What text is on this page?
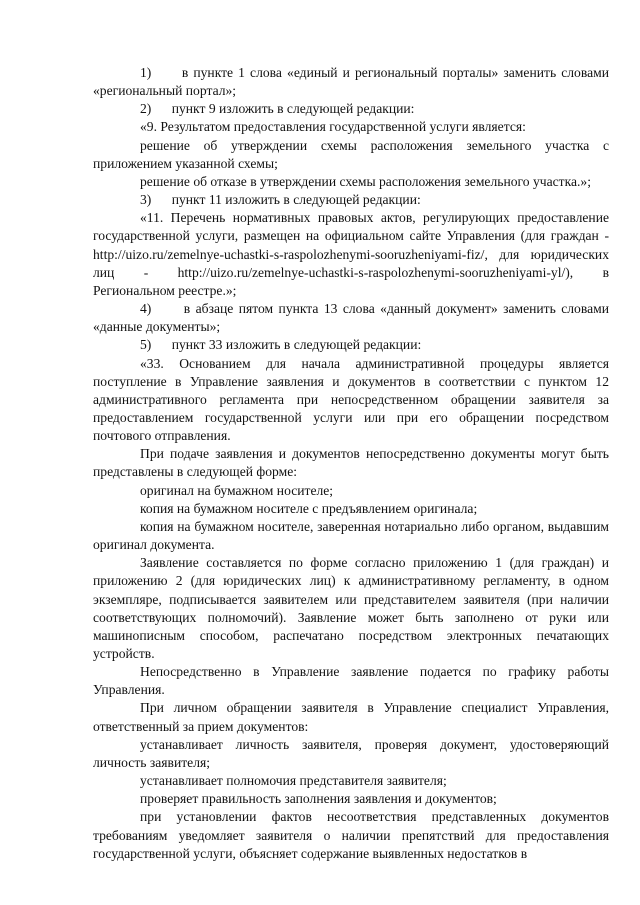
1)      в пункте 1 слова «единый и региональный порталы» заменить словами «региональный портал»;

2)      пункт 9 изложить в следующей редакции:

«9. Результатом предоставления государственной услуги является:

решение об утверждении схемы расположения земельного участка с приложением указанной схемы;

решение об отказе в утверждении схемы расположения земельного участка.»;

3)      пункт 11 изложить в следующей редакции:

«11. Перечень нормативных правовых актов, регулирующих предоставление государственной услуги, размещен на официальном сайте Управления (для граждан - http://uizo.ru/zemelnye-uchastki-s-raspolozhenymi-sooruzheniyami-fiz/, для юридических лиц - http://uizo.ru/zemelnye-uchastki-s-raspolozhenymi-sooruzheniyami-yl/), в Региональном реестре.»;

4)      в абзаце пятом пункта 13 слова «данный документ» заменить словами «данные документы»;

5)      пункт 33 изложить в следующей редакции:

«33. Основанием для начала административной процедуры является поступление в Управление заявления и документов в соответствии с пунктом 12 административного регламента при непосредственном обращении заявителя за предоставлением государственной услуги или при его обращении посредством почтового отправления.

При подаче заявления и документов непосредственно документы могут быть представлены в следующей форме:

оригинал на бумажном носителе;

копия на бумажном носителе с предъявлением оригинала;

копия на бумажном носителе, заверенная нотариально либо органом, выдавшим оригинал документа.

Заявление составляется по форме согласно приложению 1 (для граждан) и приложению 2 (для юридических лиц) к административному регламенту, в одном экземпляре, подписывается заявителем или представителем заявителя (при наличии соответствующих полномочий). Заявление может быть заполнено от руки или машинописным способом, распечатано посредством электронных печатающих устройств.

Непосредственно в Управление заявление подается по графику работы Управления.

При личном обращении заявителя в Управление специалист Управления, ответственный за прием документов:

устанавливает личность заявителя, проверяя документ, удостоверяющий личность заявителя;

устанавливает полномочия представителя заявителя;

проверяет правильность заполнения заявления и документов;

при установлении фактов несоответствия представленных документов требованиям уведомляет заявителя о наличии препятствий для предоставления государственной услуги, объясняет содержание выявленных недостатков в
